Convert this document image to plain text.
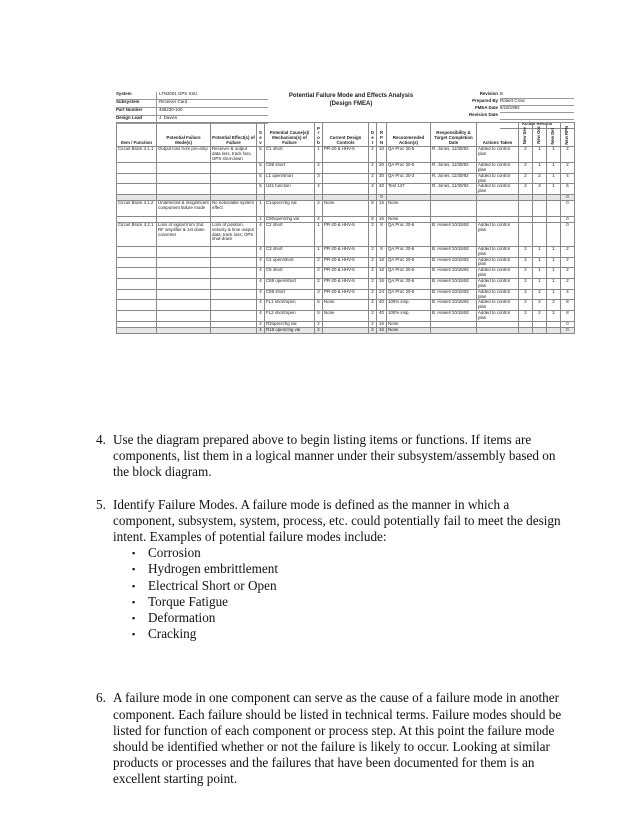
System	LTN2001 GPS SSU
Subsystem	Receiver Card
Part Number	466230-100
Design Lead	J. Davies
Potential Failure Mode and Effects Analysis
(Design FMEA)
Revision B
Prepared By Robert Crow
FMEA Date 8/18/1992
Revision Date
Action Results
Item / Function	Potential Failure Mode(s)	Potential Effect(s) of Failure	S e v	Potential Cause(s)/ Mechanism(s) of Failure	P r o b	Current Design Controls	D e t	R P N	Recommended Action(s)	Responsibility & Target Completion Date	Actions Taken	New Sev	New Occ	New Det	New RPN
Circuit Block 4.1.1	Output loss from pre-amp	Receiver & output data loss, track loss, OPS shut-down	5	C1 short	1	PR-20 & HHV-5	2	10	QA Proc 20-6	R. Jones, 11/30/92	Added to control plan	2	1	1	2
			5	C88 short	2		2	20	QA Proc 20-6	R. Jones, 11/30/92	Added to control plan	2	1	1	2
			5	L1 open/short	3		2	30	QA Proc 20-3	R. Jones, 11/30/92	Added to control plan	2	2	1	4
			5	U21 function	4		2	40	Test 147	R. Jones, 11/30/92	Added to control plan	2	3	1	6
								0							0
Circuit Block 4.1.2	Undetected & insignificant component failure mode	No noticeable system effect	1	C1open/chg val	2	None	8	16	None						0
			1	C80open/chg val	2		8	16	None						0
Circuit Block 4.2.1	Loss of signal from 2nd RF amplifier & 1st down converter	Loss of position, velocity & time output data; track loss; OPS shut-down	4	C2 short	1	PR-20 & HHV-5	2	8	QA Proc 20-6	B. Howell 10/15/92	Added to control plan				0
			4	C3 short	1	PR-20 & HHV-5	2	8	QA Proc 20-6	B. Howell 10/15/92	Added to control plan	2	1	1	2
			4	C4 open/short	2	PR-20 & HHV-5	2	16	QA Proc 20-6	B. Howell 10/15/92	Added to control plan	2	1	1	2
			4	C5 short	2	PR-20 & HHV-5	2	16	QA Proc 20-6	B. Howell 10/15/92	Added to control plan	2	1	1	2
			4	C88 open/short	2	PR-20 & HHV-5	2	16	QA Proc 20-6	B. Howell 10/15/92	Added to control plan	2	1	1	2
			4	C89 short	3	PR-20 & HHV-5	2	24	QA Proc 20-6	B. Howell 10/15/92	Added to control plan	2	2	1	4
			4	FL1 short/open	5	None	2	40	100% insp.	B. Howell 10/15/92	Added to control plan	2	2	2	8
			4	FL2 short/open	5	None	2	40	100% insp.	B. Howell 10/15/92	Added to control plan	2	2	2	8
			4	R3open/chg val	2		2	16	None						0
			4	R18 open/chg val	2		2	16	None						0
4. Use the diagram prepared above to begin listing items or functions. If items are components, list them in a logical manner under their subsystem/assembly based on the block diagram.
5. Identify Failure Modes. A failure mode is defined as the manner in which a component, subsystem, system, process, etc. could potentially fail to meet the design intent. Examples of potential failure modes include:
▪ Corrosion
▪ Hydrogen embrittlement
▪ Electrical Short or Open
▪ Torque Fatigue
▪ Deformation
▪ Cracking
6. A failure mode in one component can serve as the cause of a failure mode in another component. Each failure should be listed in technical terms. Failure modes should be listed for function of each component or process step. At this point the failure mode should be identified whether or not the failure is likely to occur. Looking at similar products or processes and the failures that have been documented for them is an excellent starting point.
